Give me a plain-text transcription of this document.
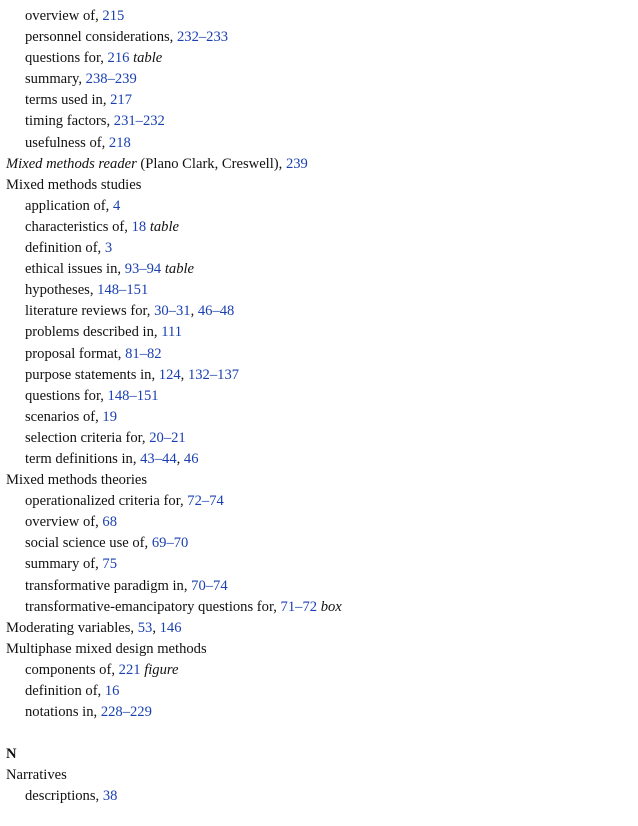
overview of, 215
personnel considerations, 232–233
questions for, 216 table
summary, 238–239
terms used in, 217
timing factors, 231–232
usefulness of, 218
Mixed methods reader (Plano Clark, Creswell), 239
Mixed methods studies
application of, 4
characteristics of, 18 table
definition of, 3
ethical issues in, 93–94 table
hypotheses, 148–151
literature reviews for, 30–31, 46–48
problems described in, 111
proposal format, 81–82
purpose statements in, 124, 132–137
questions for, 148–151
scenarios of, 19
selection criteria for, 20–21
term definitions in, 43–44, 46
Mixed methods theories
operationalized criteria for, 72–74
overview of, 68
social science use of, 69–70
summary of, 75
transformative paradigm in, 70–74
transformative-emancipatory questions for, 71–72 box
Moderating variables, 53, 146
Multiphase mixed design methods
components of, 221 figure
definition of, 16
notations in, 228–229
N
Narratives
descriptions, 38
